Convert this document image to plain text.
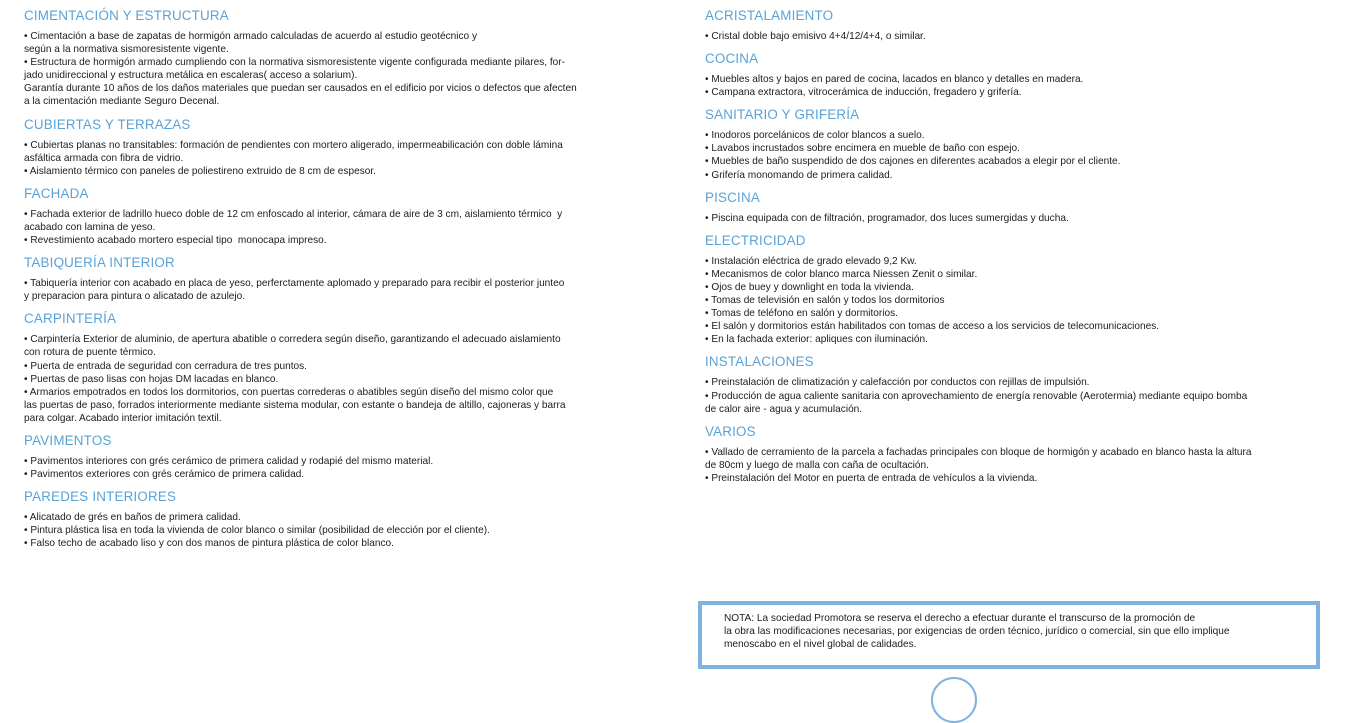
CIMENTACIÓN Y ESTRUCTURA
• Cimentación a base de zapatas de hormigón armado calculadas de acuerdo al estudio geotécnico y
según a la normativa sismoresistente vigente.
• Estructura de hormigón armado cumpliendo con la normativa sismoresistente vigente configurada mediante pilares, for-
jado unidireccional y estructura metálica en escaleras( acceso a solarium).
Garantía durante 10 años de los daños materiales que puedan ser causados en el edificio por vicios o defectos que afecten
a la cimentación mediante Seguro Decenal.
CUBIERTAS Y TERRAZAS
• Cubiertas planas no transitables: formación de pendientes con mortero aligerado, impermeabilicación con doble lámina
asfáltica armada con fibra de vidrio.
• Aislamiento térmico con paneles de poliestireno extruido de 8 cm de espesor.
FACHADA
• Fachada exterior de ladrillo hueco doble de 12 cm enfoscado al interior, cámara de aire de 3 cm, aislamiento térmico  y
acabado con lamina de yeso.
• Revestimiento acabado mortero especial tipo  monocapa impreso.
TABIQUERÍA INTERIOR
• Tabiquería interior con acabado en placa de yeso, perferctamente aplomado y preparado para recibir el posterior junteo
y preparacion para pintura o alicatado de azulejo.
CARPINTERÍA
• Carpintería Exterior de aluminio, de apertura abatible o corredera según diseño, garantizando el adecuado aislamiento
con rotura de puente térmico.
• Puerta de entrada de seguridad con cerradura de tres puntos.
• Puertas de paso lisas con hojas DM lacadas en blanco.
• Armarios empotrados en todos los dormitorios, con puertas correderas o abatibles según diseño del mismo color que
las puertas de paso, forrados interiormente mediante sistema modular, con estante o bandeja de altillo, cajoneras y barra
para colgar. Acabado interior imitación textil.
PAVIMENTOS
• Pavimentos interiores con grés cerámico de primera calidad y rodapié del mismo material.
• Pavimentos exteriores con grés cerámico de primera calidad.
PAREDES INTERIORES
• Alicatado de grés en baños de primera calidad.
• Pintura plástica lisa en toda la vivienda de color blanco o similar (posibilidad de elección por el cliente).
• Falso techo de acabado liso y con dos manos de pintura plástica de color blanco.
ACRISTALAMIENTO
• Cristal doble bajo emisivo 4+4/12/4+4, o similar.
COCINA
• Muebles altos y bajos en pared de cocina, lacados en blanco y detalles en madera.
• Campana extractora, vitrocerámica de inducción, fregadero y grifería.
SANITARIO Y GRIFERÍA
• Inodoros porcelánicos de color blancos a suelo.
• Lavabos incrustados sobre encimera en mueble de baño con espejo.
• Muebles de baño suspendido de dos cajones en diferentes acabados a elegir por el cliente.
• Grifería monomando de primera calidad.
PISCINA
• Piscina equipada con de filtración, programador, dos luces sumergidas y ducha.
ELECTRICIDAD
• Instalación eléctrica de grado elevado 9,2 Kw.
• Mecanismos de color blanco marca Niessen Zenit o similar.
• Ojos de buey y downlight en toda la vivienda.
• Tomas de televisión en salón y todos los dormitorios
• Tomas de teléfono en salón y dormitorios.
• El salón y dormitorios están habilitados con tomas de acceso a los servicios de telecomunicaciones.
• En la fachada exterior: apliques con iluminación.
INSTALACIONES
• Preinstalación de climatización y calefacción por conductos con rejillas de impulsión.
• Producción de agua caliente sanitaria con aprovechamiento de energía renovable (Aerotermia) mediante equipo bomba
de calor aire - agua y acumulación.
VARIOS
• Vallado de cerramiento de la parcela a fachadas principales con bloque de hormigón y acabado en blanco hasta la altura
de 80cm y luego de malla con caña de ocultación.
• Preinstalación del Motor en puerta de entrada de vehículos a la vivienda.
NOTA: La sociedad Promotora se reserva el derecho a efectuar durante el transcurso de la promoción de
la obra las modificaciones necesarias, por exigencias de orden técnico, jurídico o comercial, sin que ello implique
menoscabo en el nivel global de calidades.
